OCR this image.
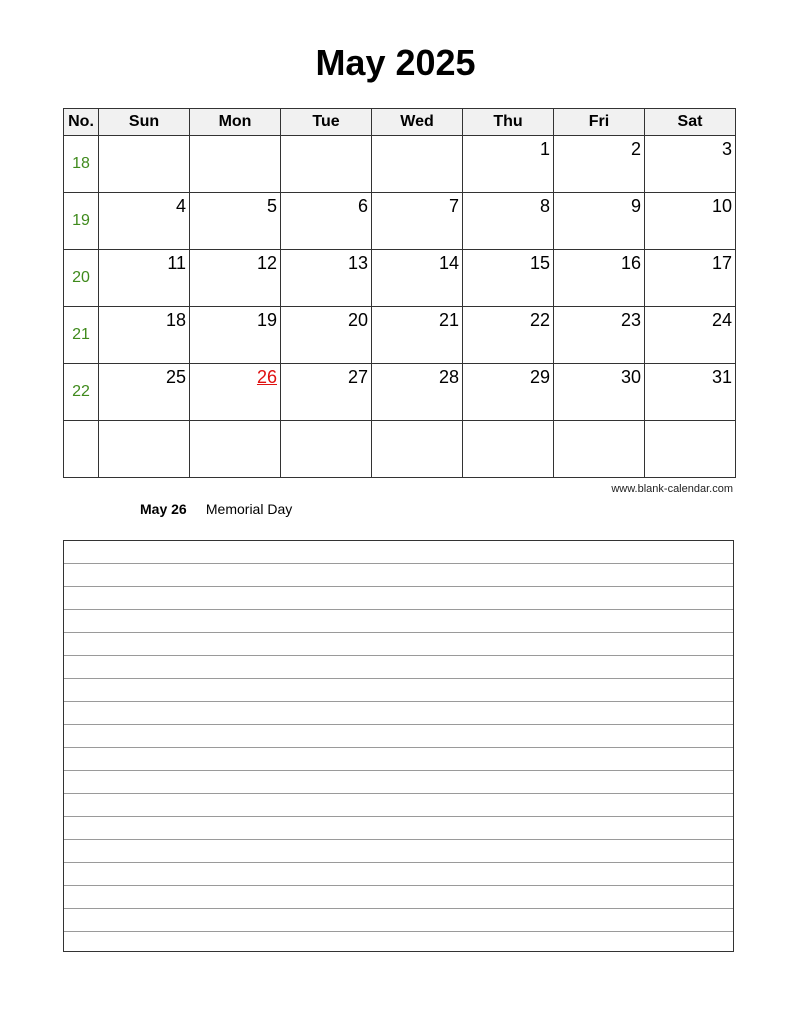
May 2025
No.	Sun	Mon	Tue	Wed	Thu	Fri	Sat
18					1	2	3

19	4	5	6	7	8	9	10

20	11	12	13	14	15	16	17

21	18	19	20	21	22	23	24

22	25	26	27	28	29	30	31

www.blank-calendar.com
May 26 Memorial Day
